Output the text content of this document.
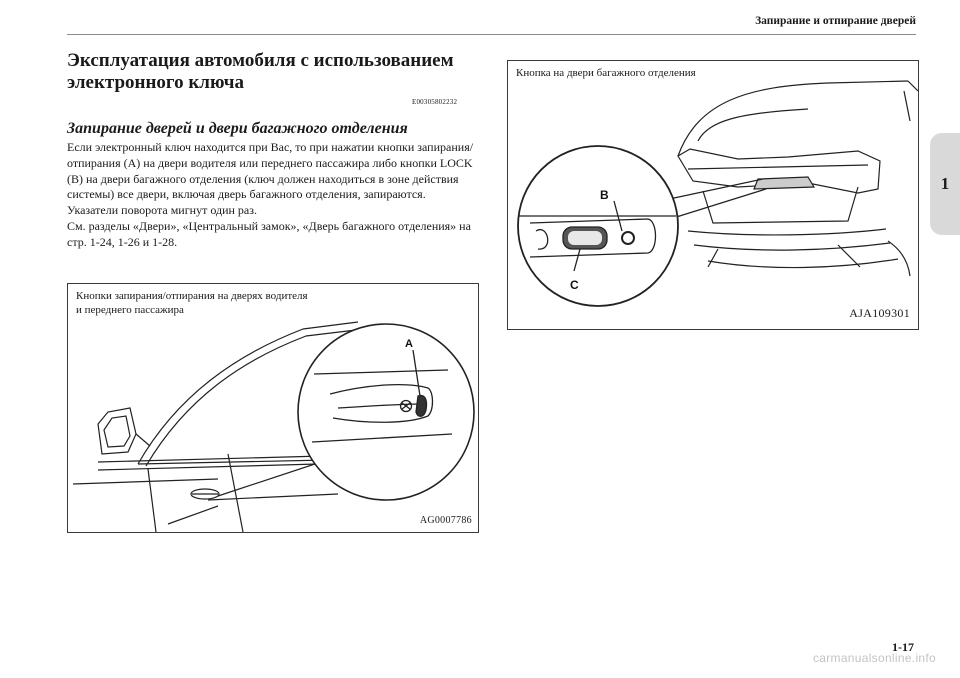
Запирание и отпирание дверей
1
Эксплуатация автомобиля с использованием электронного ключа
E00305802232
Запирание дверей и двери багажного отделения

Если электронный ключ находится при Вас, то при нажатии кнопки запирания/отпирания (A) на двери водителя или переднего пассажира либо кнопки LOCK (B) на двери багажного отделения (ключ должен находиться в зоне действия системы) все двери, включая дверь багажного отделения, запираются.

Указатели поворота мигнут один раз.

См. разделы «Двери», «Центральный замок», «Дверь багажного отделения» на стр. 1-24, 1-26 и 1-28.

A
Кнопки запирания/отпирания на дверях водителя
и переднего пассажира
AG0007786
B
C
Кнопка на двери багажного отделения
AJA109301
1-17
carmanualsonline.info
